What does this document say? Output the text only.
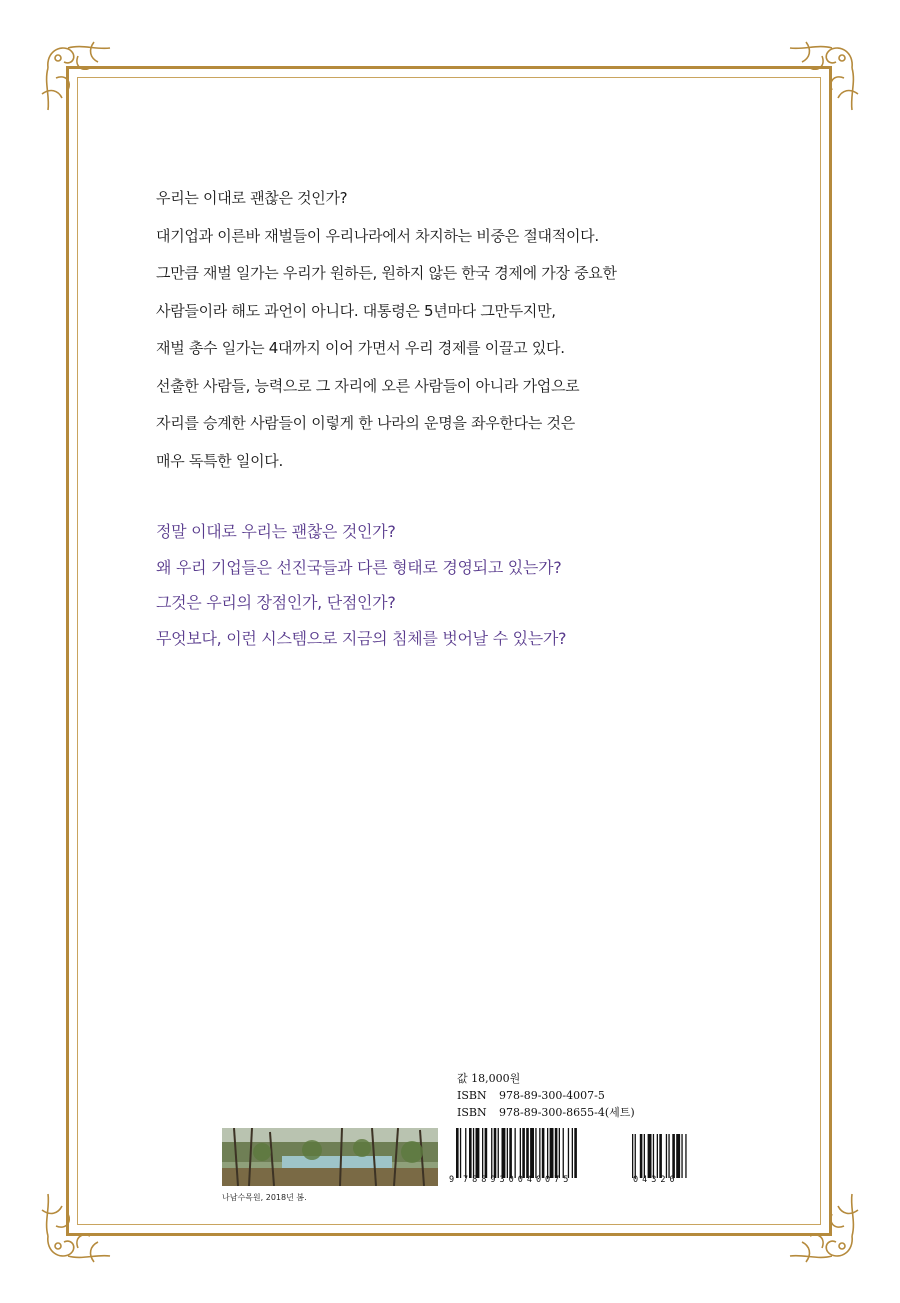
우리는 이대로 괜찮은 것인가?

대기업과 이른바 재벌들이 우리나라에서 차지하는 비중은 절대적이다.

그만큼 재벌 일가는 우리가 원하든, 원하지 않든 한국 경제에 가장 중요한

사람들이라 해도 과언이 아니다. 대통령은 5년마다 그만두지만,

재벌 총수 일가는 4대까지 이어 가면서 우리 경제를 이끌고 있다.

선출한 사람들, 능력으로 그 자리에 오른 사람들이 아니라 가업으로

자리를 승계한 사람들이 이렇게 한 나라의 운명을 좌우한다는 것은

매우 독특한 일이다.

정말 이대로 우리는 괜찮은 것인가?

왜 우리 기업들은 선진국들과 다른 형태로 경영되고 있는가?

그것은 우리의 장점인가, 단점인가?

무엇보다, 이런 시스템으로 지금의 침체를 벗어날 수 있는가?

나남수목원, 2018년 봄.
값 18,000원
ISBN 978-89-300-4007-5
ISBN 978-89-300-8655-4(세트)
9 788930040075	04320
